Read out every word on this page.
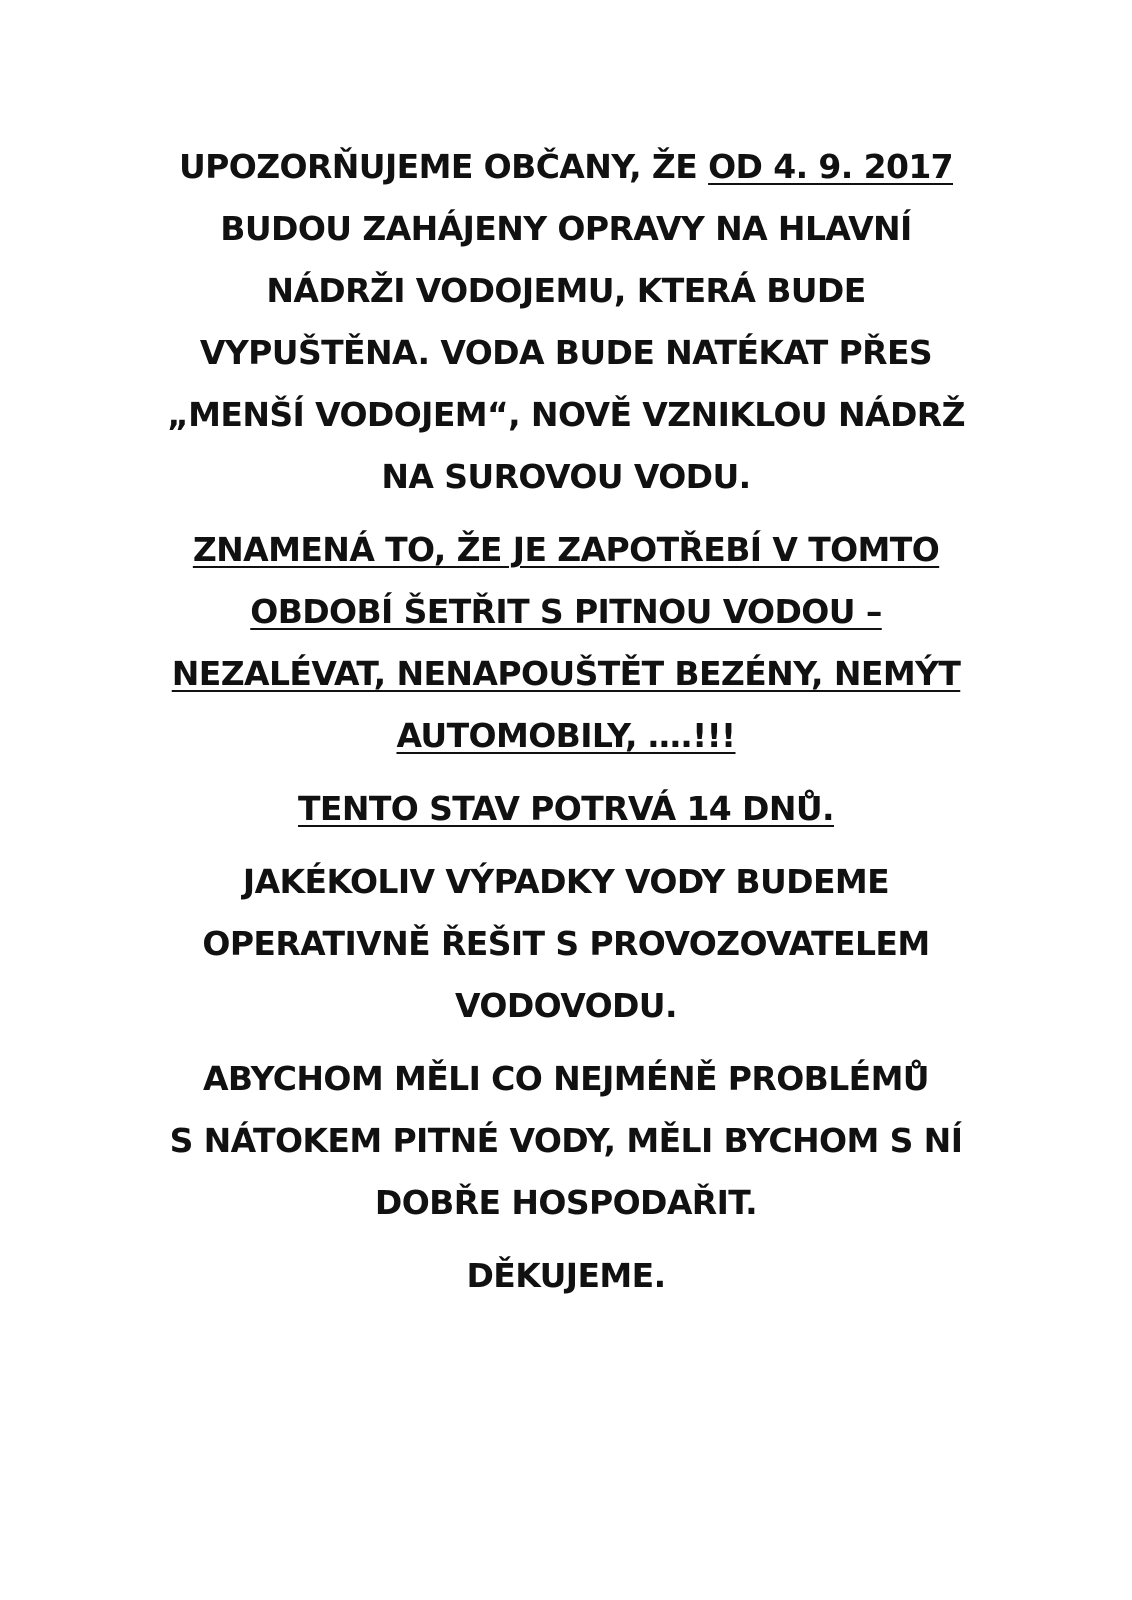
UPOZORŇUJEME OBČANY, ŽE OD 4. 9. 2017
BUDOU ZAHÁJENY OPRAVY NA HLAVNÍ
NÁDRŽI VODOJEMU, KTERÁ BUDE
VYPUŠTĚNA. VODA BUDE NATÉKAT PŘES
„MENŠÍ VODOJEM“, NOVĚ VZNIKLOU NÁDRŽ
NA SUROVOU VODU.

ZNAMENÁ TO, ŽE JE ZAPOTŘEBÍ V TOMTO
OBDOBÍ ŠETŘIT S PITNOU VODOU –
NEZALÉVAT, NENAPOUŠTĚT BEZÉNY, NEMÝT
AUTOMOBILY, ….!!!

TENTO STAV POTRVÁ 14 DNŮ.

JAKÉKOLIV VÝPADKY VODY BUDEME
OPERATIVNĚ ŘEŠIT S PROVOZOVATELEM
VODOVODU.

ABYCHOM MĚLI CO NEJMÉNĚ PROBLÉMŮ
S NÁTOKEM PITNÉ VODY, MĚLI BYCHOM S NÍ
DOBŘE HOSPODAŘIT.

DĚKUJEME.
